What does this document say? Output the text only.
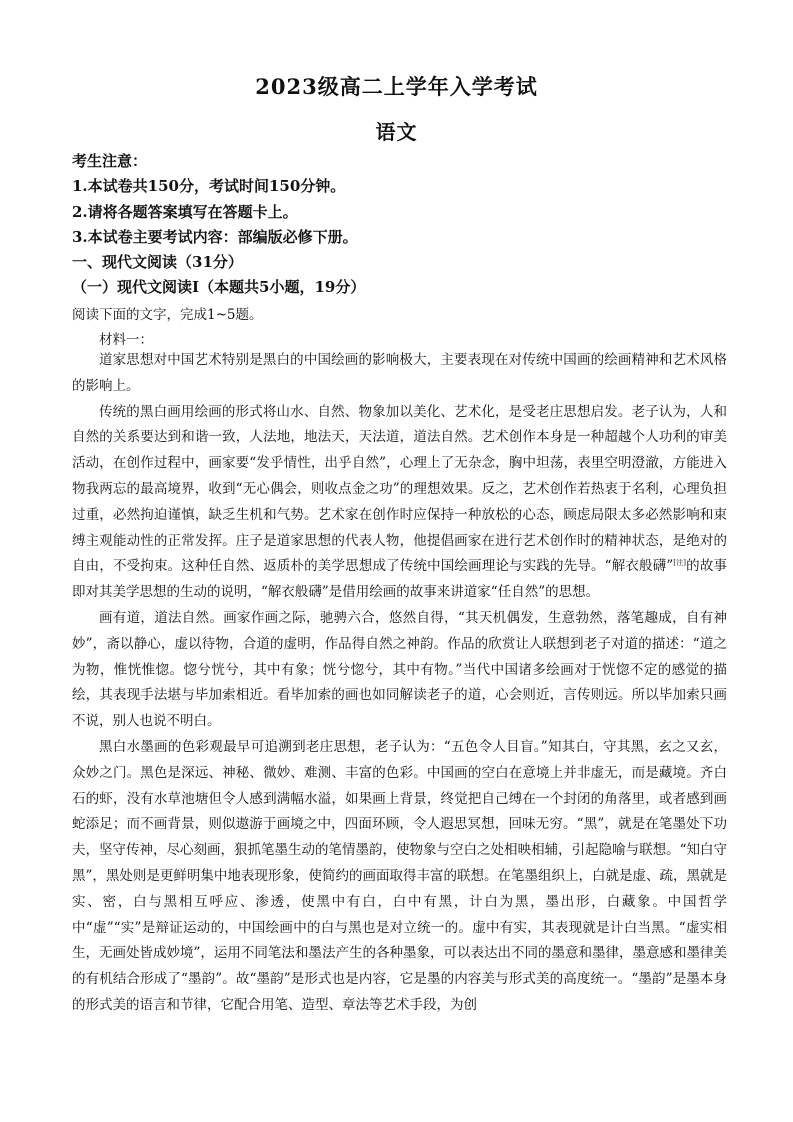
2023级高二上学年入学考试
语文
考生注意：
1.本试卷共150分，考试时间150分钟。
2.请将各题答案填写在答题卡上。
3.本试卷主要考试内容：部编版必修下册。
一、现代文阅读（31分）
（一）现代文阅读Ⅰ（本题共5小题，19分）
阅读下面的文字，完成1~5题。
材料一：

道家思想对中国艺术特别是黑白的中国绘画的影响极大，主要表现在对传统中国画的绘画精神和艺术风格的影响上。

传统的黑白画用绘画的形式将山水、自然、物象加以美化、艺术化，是受老庄思想启发。老子认为，人和自然的关系要达到和谐一致，人法地，地法天，天法道，道法自然。艺术创作本身是一种超越个人功利的审美活动，在创作过程中，画家要“发乎情性，出乎自然”，心理上了无杂念，胸中坦荡，表里空明澄澈，方能进入物我两忘的最高境界，收到“无心偶会，则收点金之功”的理想效果。反之，艺术创作若热衷于名利，心理负担过重，必然拘迫谨慎，缺乏生机和气势。艺术家在创作时应保持一种放松的心态，顾虑局限太多必然影响和束缚主观能动性的正常发挥。庄子是道家思想的代表人物，他提倡画家在进行艺术创作时的精神状态，是绝对的自由，不受拘束。这种任自然、返质朴的美学思想成了传统中国绘画理论与实践的先导。“解衣般礴”[注]的故事即对其美学思想的生动的说明，“解衣般礴”是借用绘画的故事来讲道家“任自然”的思想。

画有道，道法自然。画家作画之际，驰骋六合，悠然自得，“其天机偶发，生意勃然，落笔趣成，自有神妙”，斋以静心，虚以待物，合道的虚明，作品得自然之神韵。作品的欣赏让人联想到老子对道的描述：“道之为物，惟恍惟惚。惚兮恍兮，其中有象；恍兮惚兮，其中有物。”当代中国诸多绘画对于恍惚不定的感觉的描绘，其表现手法堪与毕加索相近。看毕加索的画也如同解读老子的道，心会则近，言传则远。所以毕加索只画不说，别人也说不明白。

黑白水墨画的色彩观最早可追溯到老庄思想，老子认为：“五色令人目盲。”知其白，守其黑，玄之又玄，众妙之门。黑色是深远、神秘、微妙、难测、丰富的色彩。中国画的空白在意境上并非虚无，而是藏境。齐白石的虾，没有水草池塘但令人感到满幅水溢，如果画上背景，终觉把自己缚在一个封闭的角落里，或者感到画蛇添足；而不画背景，则似遨游于画境之中，四面环顾，令人遐思冥想，回味无穷。“黑”，就是在笔墨处下功夫，坚守传神，尽心刻画，狠抓笔墨生动的笔情墨韵，使物象与空白之处相映相辅，引起隐喻与联想。“知白守黑”，黑处则是更鲜明集中地表现形象，使简约的画面取得丰富的联想。在笔墨组织上，白就是虚、疏，黑就是实、密，白与黑相互呼应、渗透，使黑中有白，白中有黑，计白为黑，墨出形，白藏象。中国哲学中“虚”“实”是辩证运动的，中国绘画中的白与黑也是对立统一的。虚中有实，其表现就是计白当黑。“虚实相生，无画处皆成妙境”，运用不同笔法和墨法产生的各种墨象，可以表达出不同的墨意和墨律，墨意感和墨律美的有机结合形成了“墨韵”。故“墨韵”是形式也是内容，它是墨的内容美与形式美的高度统一。“墨韵”是墨本身的形式美的语言和节律，它配合用笔、造型、章法等艺术手段，为创
